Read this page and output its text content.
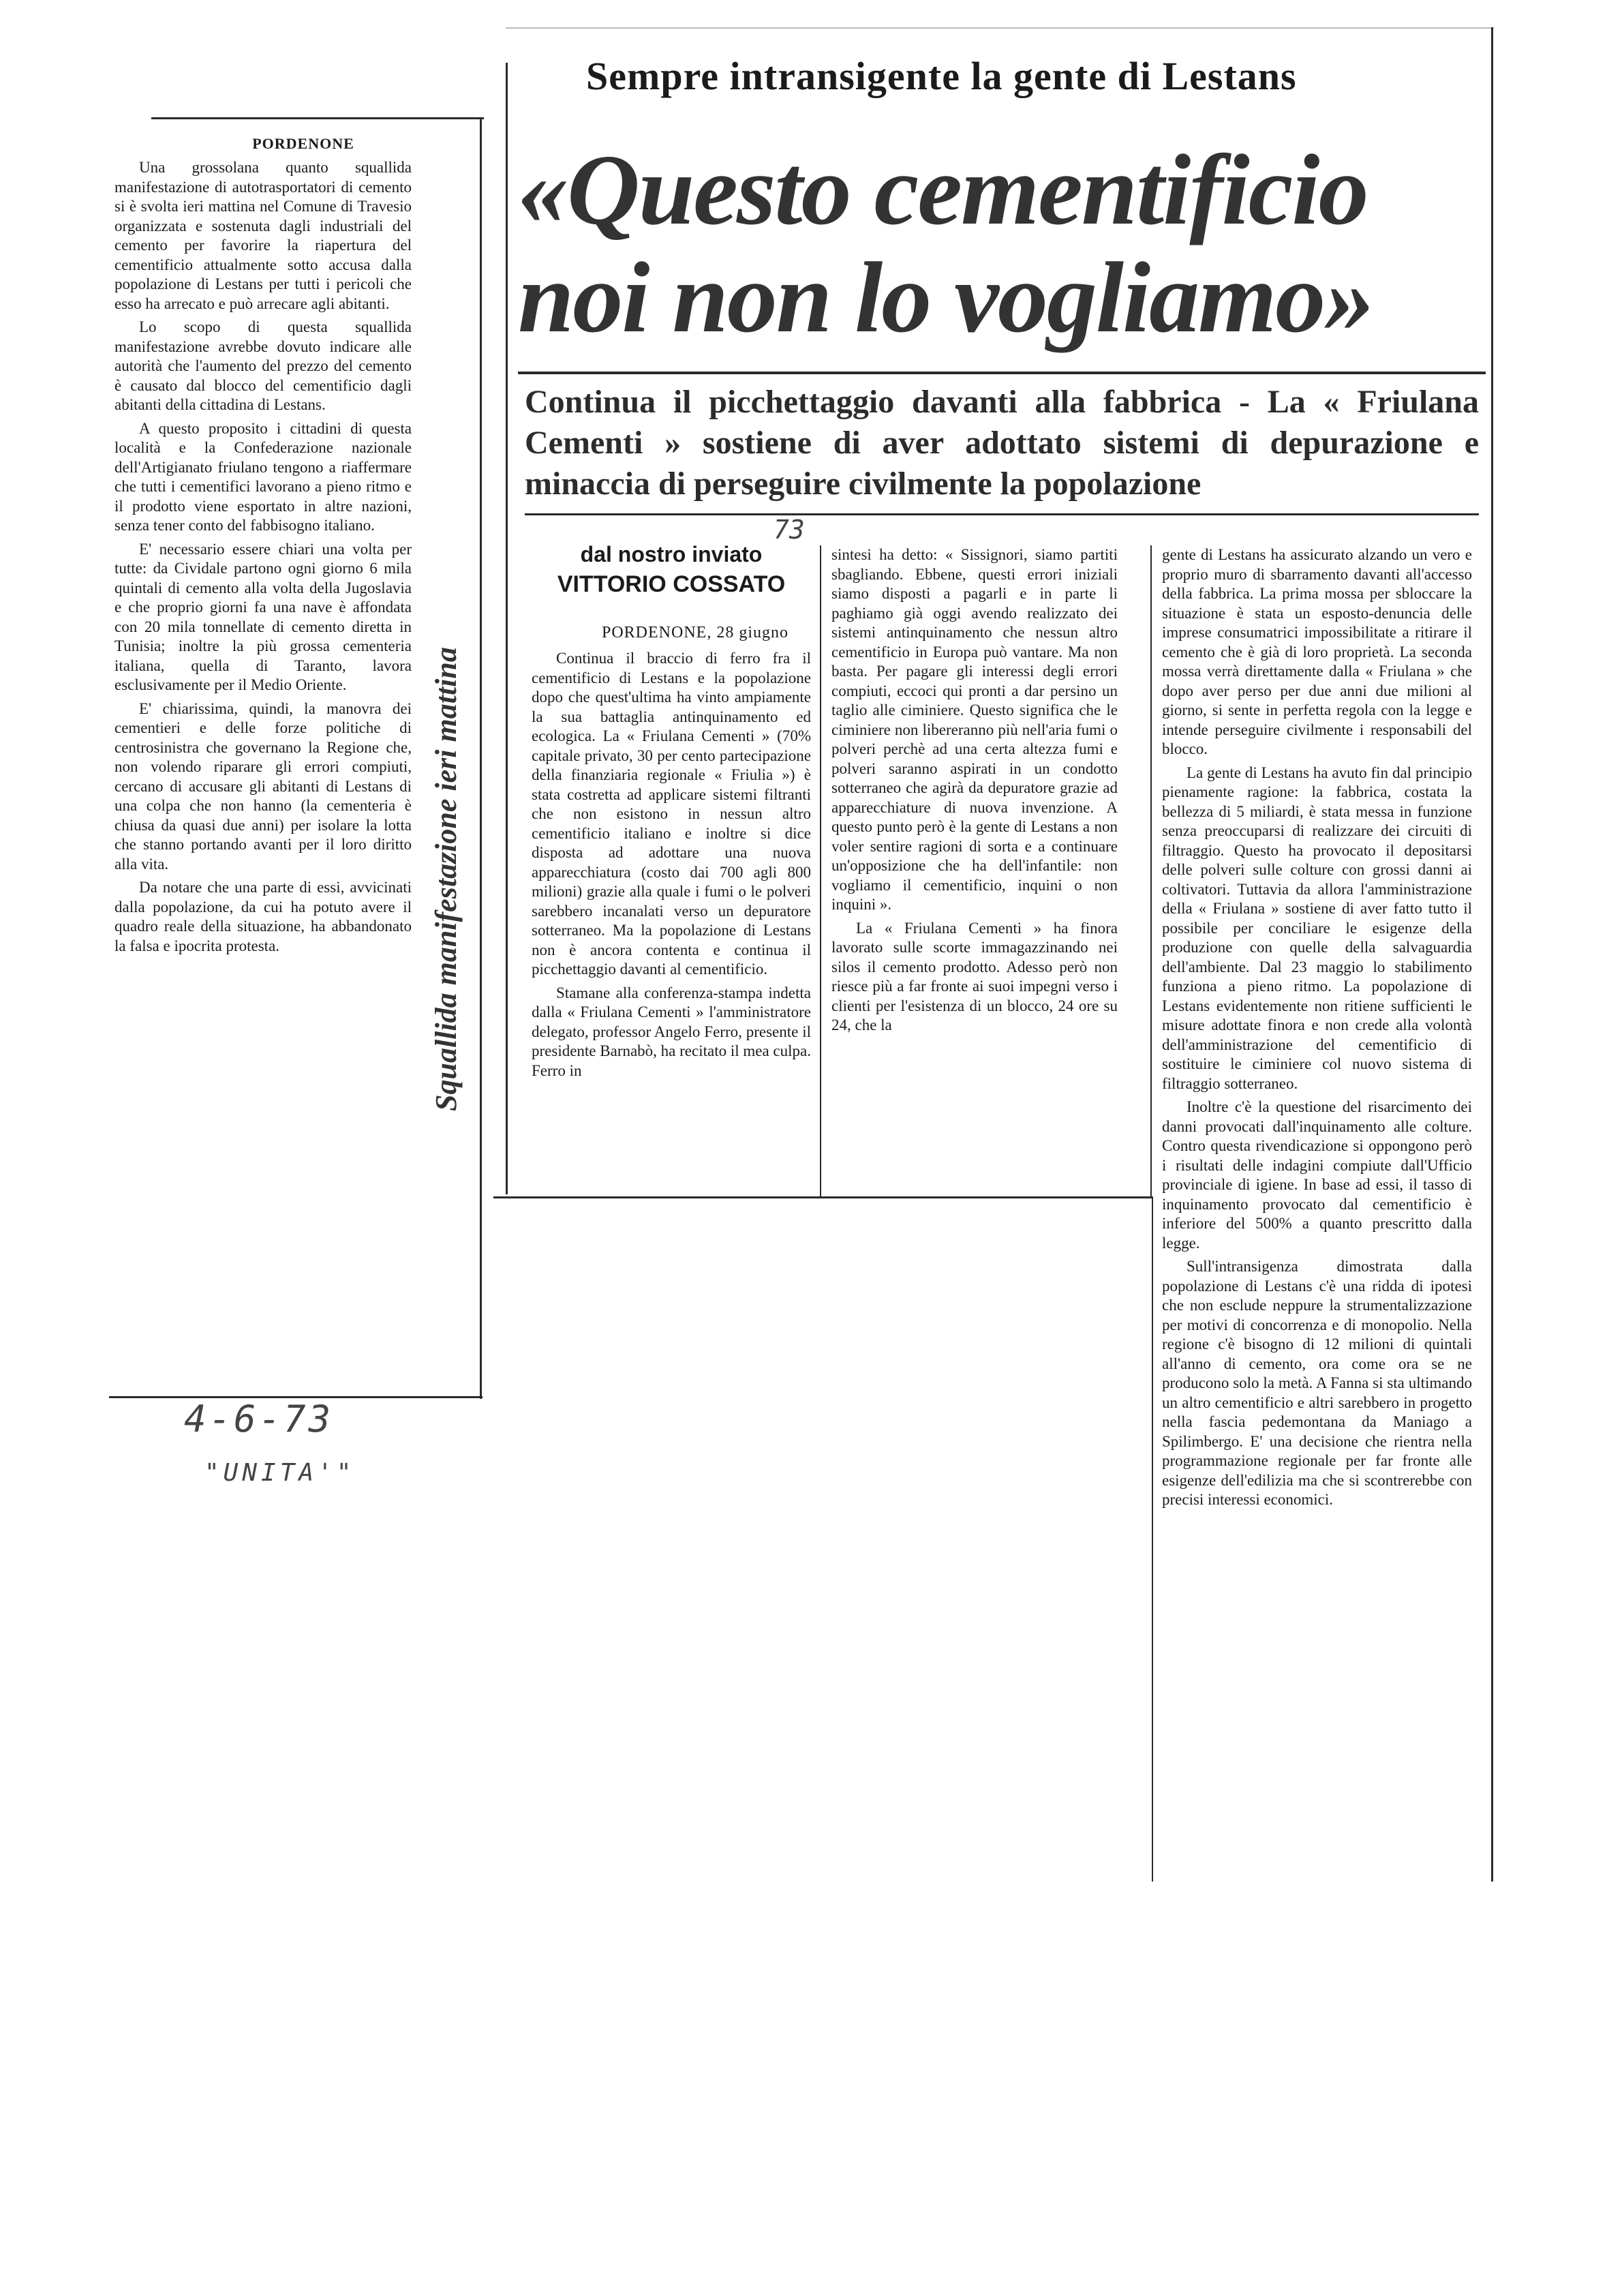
Sempre intransigente la gente di Lestans
«Questo cementificio noi non lo vogliamo»
Continua il picchettaggio davanti alla fabbrica - La « Friulana Cementi » sostiene di aver adottato sistemi di depurazione e minaccia di perseguire civilmente la popolazione
dal nostro inviato
VITTORIO COSSATO
PORDENONE, 28 giugno

Continua il braccio di ferro fra il cementificio di Lestans e la popolazione dopo che quest'ultima ha vinto ampiamente la sua battaglia antinquinamento ed ecologica. La « Friulana Cementi » (70% capitale privato, 30 per cento partecipazione della finanziaria regionale « Friulia ») è stata costretta ad applicare sistemi filtranti che non esistono in nessun altro cementificio italiano e inoltre si dice disposta ad adottare una nuova apparecchiatura (costo dai 700 agli 800 milioni) grazie alla quale i fumi o le polveri sarebbero incanalati verso un depuratore sotterraneo. Ma la popolazione di Lestans non è ancora contenta e continua il picchettaggio davanti al cementificio.

Stamane alla conferenza-stampa indetta dalla « Friulana Cementi » l'amministratore delegato, professor Angelo Ferro, presente il presidente Barnabò, ha recitato il mea culpa. Ferro in

sintesi ha detto: « Sissignori, siamo partiti sbagliando. Ebbene, questi errori iniziali siamo disposti a pagarli e in parte li paghiamo già oggi avendo realizzato dei sistemi antinquinamento che nessun altro cementificio in Europa può vantare. Ma non basta. Per pagare gli interessi degli errori compiuti, eccoci qui pronti a dar persino un taglio alle ciminiere. Questo significa che le ciminiere non libereranno più nell'aria fumi o polveri perchè ad una certa altezza fumi e polveri saranno aspirati in un condotto sotterraneo che agirà da depuratore grazie ad apparecchiature di nuova invenzione. A questo punto però è la gente di Lestans a non voler sentire ragioni di sorta e a continuare un'opposizione che ha dell'infantile: non vogliamo il cementificio, inquini o non inquini ».

La « Friulana Cementi » ha finora lavorato sulle scorte immagazzinando nei silos il cemento prodotto. Adesso però non riesce più a far fronte ai suoi impegni verso i clienti per l'esistenza di un blocco, 24 ore su 24, che la

gente di Lestans ha assicurato alzando un vero e proprio muro di sbarramento davanti all'accesso della fabbrica. La prima mossa per sbloccare la situazione è stata un esposto-denuncia delle imprese consumatrici impossibilitate a ritirare il cemento che è già di loro proprietà. La seconda mossa verrà direttamente dalla « Friulana » che dopo aver perso per due anni due milioni al giorno, si sente in perfetta regola con la legge e intende perseguire civilmente i responsabili del blocco.

La gente di Lestans ha avuto fin dal principio pienamente ragione: la fabbrica, costata la bellezza di 5 miliardi, è stata messa in funzione senza preoccuparsi di realizzare dei circuiti di filtraggio. Questo ha provocato il depositarsi delle polveri sulle colture con grossi danni ai coltivatori. Tuttavia da allora l'amministrazione della « Friulana » sostiene di aver fatto tutto il possibile per conciliare le esigenze della produzione con quelle della salvaguardia dell'ambiente. Dal 23 maggio lo stabilimento funziona a pieno ritmo. La popolazione di Lestans evidentemente non ritiene sufficienti le misure adottate finora e non crede alla volontà dell'amministrazione del cementificio di sostituire le ciminiere col nuovo sistema di filtraggio sotterraneo.

Inoltre c'è la questione del risarcimento dei danni provocati dall'inquinamento alle colture. Contro questa rivendicazione si oppongono però i risultati delle indagini compiute dall'Ufficio provinciale di igiene. In base ad essi, il tasso di inquinamento provocato dal cementificio è inferiore del 500% a quanto prescritto dalla legge.

Sull'intransigenza dimostrata dalla popolazione di Lestans c'è una ridda di ipotesi che non esclude neppure la strumentalizzazione per motivi di concorrenza e di monopolio. Nella regione c'è bisogno di 12 milioni di quintali all'anno di cemento, ora come ora se ne producono solo la metà. A Fanna si sta ultimando un altro cementificio e altri sarebbero in progetto nella fascia pedemontana da Maniago a Spilimbergo. E' una decisione che rientra nella programmazione regionale per far fronte alle esigenze dell'edilizia ma che si scontrerebbe con precisi interessi economici.

PORDENONE

Una grossolana quanto squallida manifestazione di autotrasportatori di cemento si è svolta ieri mattina nel Comune di Travesio organizzata e sostenuta dagli industriali del cemento per favorire la riapertura del cementificio attualmente sotto accusa dalla popolazione di Lestans per tutti i pericoli che esso ha arrecato e può arrecare agli abitanti.

Lo scopo di questa squallida manifestazione avrebbe dovuto indicare alle autorità che l'aumento del prezzo del cemento è causato dal blocco del cementificio dagli abitanti della cittadina di Lestans.

A questo proposito i cittadini di questa località e la Confederazione nazionale dell'Artigianato friulano tengono a riaffermare che tutti i cementifici lavorano a pieno ritmo e il prodotto viene esportato in altre nazioni, senza tener conto del fabbisogno italiano.

E' necessario essere chiari una volta per tutte: da Cividale partono ogni giorno 6 mila quintali di cemento alla volta della Jugoslavia e che proprio giorni fa una nave è affondata con 20 mila tonnellate di cemento diretta in Tunisia; inoltre la più grossa cementeria italiana, quella di Taranto, lavora esclusivamente per il Medio Oriente.

E' chiarissima, quindi, la manovra dei cementieri e delle forze politiche di centrosinistra che governano la Regione che, non volendo riparare gli errori compiuti, cercano di accusare gli abitanti di Lestans di una colpa che non hanno (la cementeria è chiusa da quasi due anni) per isolare la lotta che stanno portando avanti per il loro diritto alla vita.

Da notare che una parte di essi, avvicinati dalla popolazione, da cui ha potuto avere il quadro reale della situazione, ha abbandonato la falsa e ipocrita protesta.	Squallida manifestazione ieri mattina
73
4-6-73
"UNITA'"
